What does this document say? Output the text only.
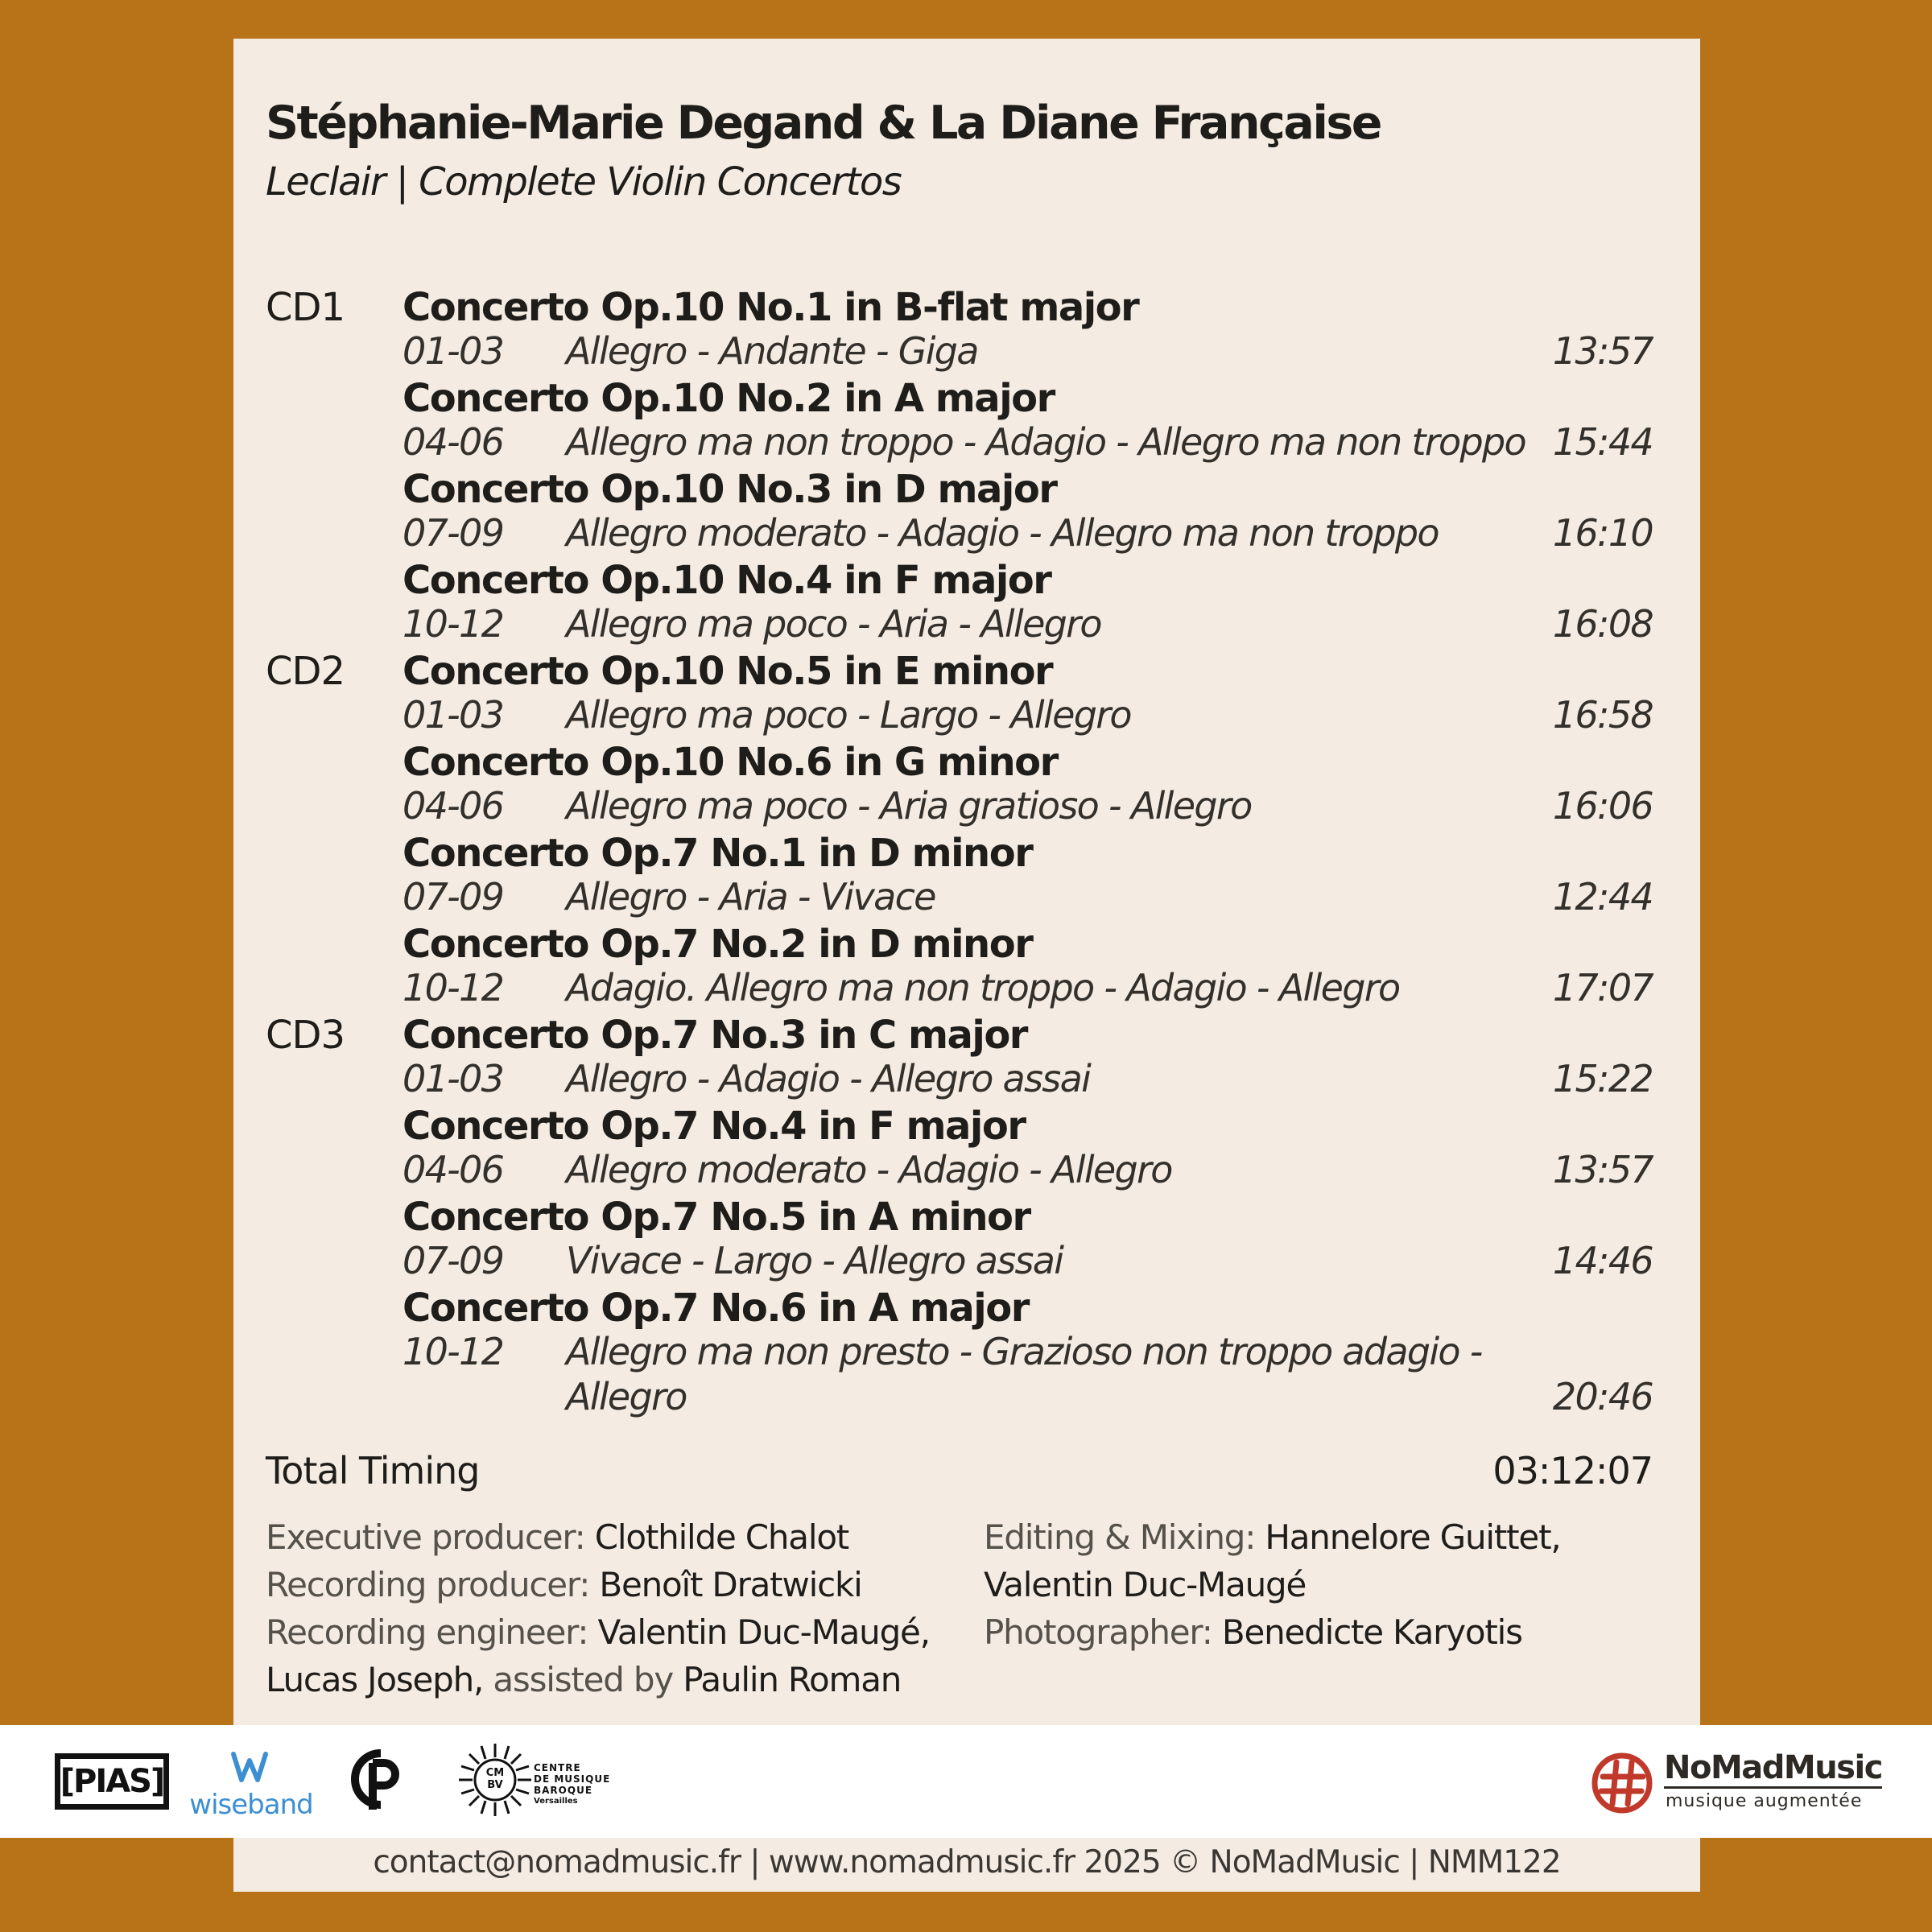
Stéphanie-Marie Degand & La Diane Française
Leclair | Complete Violin Concertos
CD1 Concerto Op.10 No.1 in B-flat major
01-03 Allegro - Andante - Giga	13:57
Concerto Op.10 No.2 in A major
04-06 Allegro ma non troppo - Adagio - Allegro ma non troppo 15:44
Concerto Op.10 No.3 in D major
07-09 Allegro moderato - Adagio - Allegro ma non troppo	16:10
Concerto Op.10 No.4 in F major
10-12 Allegro ma poco - Aria - Allegro	16:08
CD2 Concerto Op.10 No.5 in E minor
01-03 Allegro ma poco - Largo - Allegro	16:58
Concerto Op.10 No.6 in G minor
04-06 Allegro ma poco - Aria gratioso - Allegro	16:06
Concerto Op.7 No.1 in D minor
07-09 Allegro - Aria - Vivace	12:44
Concerto Op.7 No.2 in D minor
10-12 Adagio. Allegro ma non troppo - Adagio - Allegro	17:07
CD3 Concerto Op.7 No.3 in C major
01-03 Allegro - Adagio - Allegro assai	15:22
Concerto Op.7 No.4 in F major
04-06 Allegro moderato - Adagio - Allegro	13:57
Concerto Op.7 No.5 in A minor
07-09 Vivace - Largo - Allegro assai	14:46
Concerto Op.7 No.6 in A major
10-12 Allegro ma non presto - Grazioso non troppo adagio - Allegro	20:46
Total Timing	03:12:07
Executive producer: Clothilde Chalot
Recording producer: Benoît Dratwicki
Recording engineer: Valentin Duc-Maugé,
Lucas Joseph, assisted by Paulin Roman
Editing & Mixing: Hannelore Guittet,
Valentin Duc-Maugé
Photographer: Benedicte Karyotis
[PIAS]
wiseband
CM BV
CENTRE
DE MUSIQUE
BAROQUE
Versailles
NoMadMusic
musique augmentée
contact@nomadmusic.fr | www.nomadmusic.fr 2025 © NoMadMusic | NMM122
